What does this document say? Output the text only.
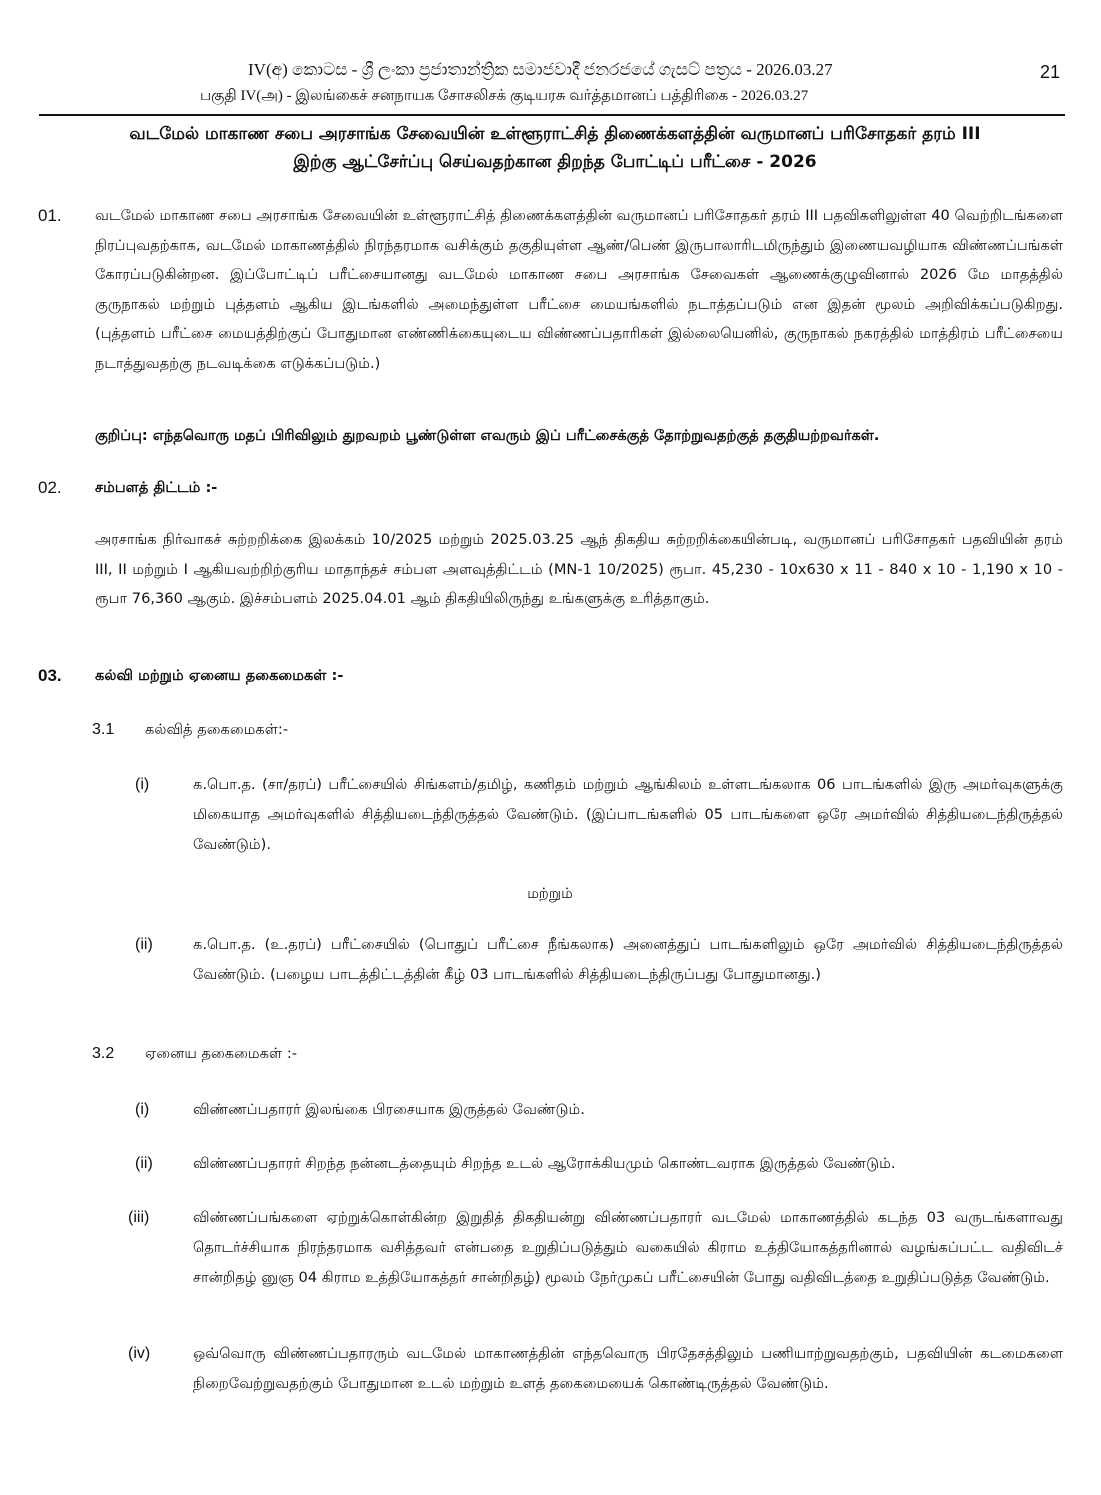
IV(අ) කොටස - ශ්‍රී ලංකා ප්‍රජාතාන්ත්‍රික සමාජවාදී ජනරජයේ ගැසට් පත්‍රය - 2026.03.27	21
பகுதி IV(அ) - இலங்கைச் சனநாயக சோசலிசக் குடியரசு வர்த்தமானப் பத்திரிகை - 2026.03.27
வடமேல் மாகாண சபை அரசாங்க சேவையின் உள்ளூராட்சித் திணைக்களத்தின் வருமானப் பரிசோதகர் தரம் III
இற்கு ஆட்சேர்ப்பு செய்வதற்கான திறந்த போட்டிப் பரீட்சை - 2026
01. வடமேல் மாகாண சபை அரசாங்க சேவையின் உள்ளூராட்சித் திணைக்களத்தின் வருமானப் பரிசோதகர் தரம் III பதவிகளிலுள்ள 40 வெற்றிடங்களை நிரப்புவதற்காக, வடமேல் மாகாணத்தில் நிரந்தரமாக வசிக்கும் தகுதியுள்ள ஆண்/பெண் இருபாலாரிடமிருந்தும் இணையவழியாக விண்ணப்பங்கள் கோரப்படுகின்றன. இப்போட்டிப் பரீட்சையானது வடமேல் மாகாண சபை அரசாங்க சேவைகள் ஆணைக்குழுவினால் 2026 மே மாதத்தில் குருநாகல் மற்றும் புத்தளம் ஆகிய இடங்களில் அமைந்துள்ள பரீட்சை மையங்களில் நடாத்தப்படும் என இதன் மூலம் அறிவிக்கப்படுகிறது. (புத்தளம் பரீட்சை மையத்திற்குப் போதுமான எண்ணிக்கையுடைய விண்ணப்பதாரிகள் இல்லையெனில், குருநாகல் நகரத்தில் மாத்திரம் பரீட்சையை நடாத்துவதற்கு நடவடிக்கை எடுக்கப்படும்.)
குறிப்பு: எந்தவொரு மதப் பிரிவிலும் துறவறம் பூண்டுள்ள எவரும் இப் பரீட்சைக்குத் தோற்றுவதற்குத் தகுதியற்றவர்கள்.
02. சம்பளத் திட்டம் :-
அரசாங்க நிர்வாகச் சுற்றறிக்கை இலக்கம் 10/2025 மற்றும் 2025.03.25 ஆந் திகதிய சுற்றறிக்கையின்படி, வருமானப் பரிசோதகர் பதவியின் தரம் III, II மற்றும் I ஆகியவற்றிற்குரிய மாதாந்தச் சம்பள அளவுத்திட்டம் (MN-1 10/2025) ரூபா. 45,230 - 10x630 x 11 - 840 x 10 - 1,190 x 10 - ரூபா 76,360 ஆகும். இச்சம்பளம் 2025.04.01 ஆம் திகதியிலிருந்து உங்களுக்கு உரித்தாகும்.
03. கல்வி மற்றும் ஏனைய தகைமைகள் :-
3.1 கல்வித் தகைமைகள்:-
(i)	க.பொ.த. (சா/தரப்) பரீட்சையில் சிங்களம்/தமிழ், கணிதம் மற்றும் ஆங்கிலம் உள்ளடங்கலாக 06 பாடங்களில் இரு அமர்வுகளுக்கு மிகையாத அமர்வுகளில் சித்தியடைந்திருத்தல் வேண்டும். (இப்பாடங்களில் 05 பாடங்களை ஒரே அமர்வில் சித்தியடைந்திருத்தல் வேண்டும்).
மற்றும்
(ii)	க.பொ.த. (உ.தரப்) பரீட்சையில் (பொதுப் பரீட்சை நீங்கலாக) அனைத்துப் பாடங்களிலும் ஒரே அமர்வில் சித்தியடைந்திருத்தல் வேண்டும். (பழைய பாடத்திட்டத்தின் கீழ் 03 பாடங்களில் சித்தியடைந்திருப்பது போதுமானது.)
3.2 ஏனைய தகைமைகள் :-
(i)	விண்ணப்பதாரர் இலங்கை பிரசையாக இருத்தல் வேண்டும்.
(ii)	விண்ணப்பதாரர் சிறந்த நன்னடத்தையும் சிறந்த உடல் ஆரோக்கியமும் கொண்டவராக இருத்தல் வேண்டும்.
(iii)	விண்ணப்பங்களை ஏற்றுக்கொள்கின்ற இறுதித் திகதியன்று விண்ணப்பதாரர் வடமேல் மாகாணத்தில் கடந்த 03 வருடங்களாவது தொடர்ச்சியாக நிரந்தரமாக வசித்தவர் என்பதை உறுதிப்படுத்தும் வகையில் கிராம உத்தியோகத்தரினால் வழங்கப்பட்ட வதிவிடச் சான்றிதழ் னுஞ 04 கிராம உத்தியோகத்தர் சான்றிதழ்) மூலம் நேர்முகப் பரீட்சையின் போது வதிவிடத்தை உறுதிப்படுத்த வேண்டும்.
(iv)	ஒவ்வொரு விண்ணப்பதாரரும் வடமேல் மாகாணத்தின் எந்தவொரு பிரதேசத்திலும் பணியாற்றுவதற்கும், பதவியின் கடமைகளை நிறைவேற்றுவதற்கும் போதுமான உடல் மற்றும் உளத் தகைமையைக் கொண்டிருத்தல் வேண்டும்.
